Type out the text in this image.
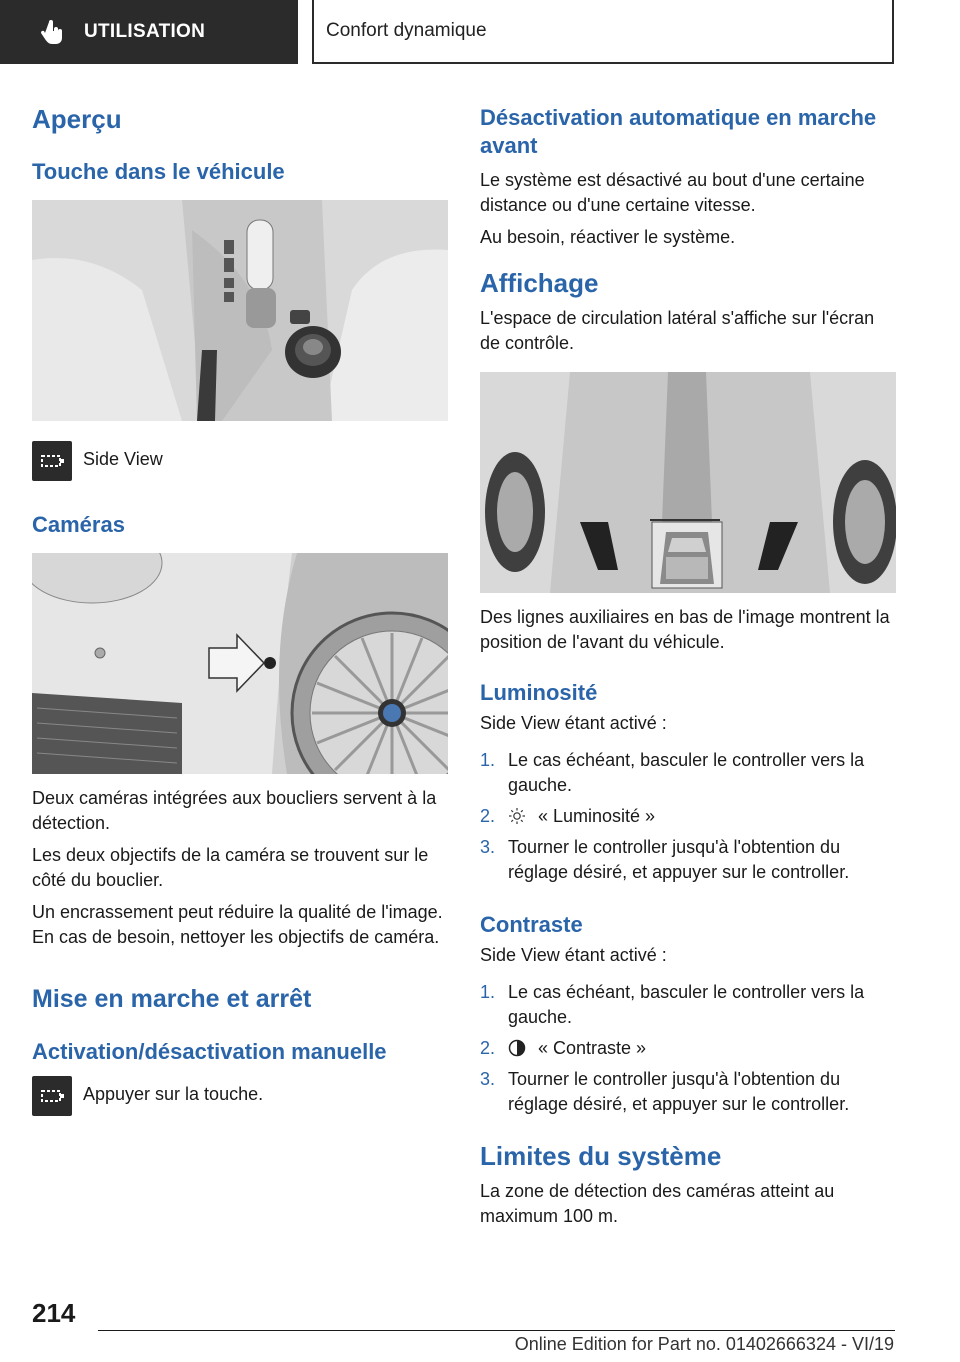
UTILISATION	Confort dynamique
Aperçu
Touche dans le véhicule
Side View
Caméras

Deux caméras intégrées aux boucliers servent à la détection.

Les deux objectifs de la caméra se trouvent sur le côté du bouclier.

Un encrassement peut réduire la qualité de l'image. En cas de besoin, nettoyer les objectifs de caméra.

Mise en marche et arrêt
Activation/désactivation manuelle
Appuyer sur la touche.
Désactivation automatique en marche avant

Le système est désactivé au bout d'une certaine distance ou d'une certaine vitesse.

Au besoin, réactiver le système.

Affichage

L'espace de circulation latéral s'affiche sur l'écran de contrôle.

Des lignes auxiliaires en bas de l'image montrent la position de l'avant du véhicule.

Luminosité

Side View étant activé :

1. Le cas échéant, basculer le controller vers la gauche.
2.	« Luminosité »
3. Tourner le controller jusqu'à l'obtention du réglage désiré, et appuyer sur le controller.
Contraste

Side View étant activé :

1. Le cas échéant, basculer le controller vers la gauche.
2.	« Contraste »
3. Tourner le controller jusqu'à l'obtention du réglage désiré, et appuyer sur le controller.
Limites du système

La zone de détection des caméras atteint au maximum 100 m.

214
Online Edition for Part no. 01402666324 - VI/19
